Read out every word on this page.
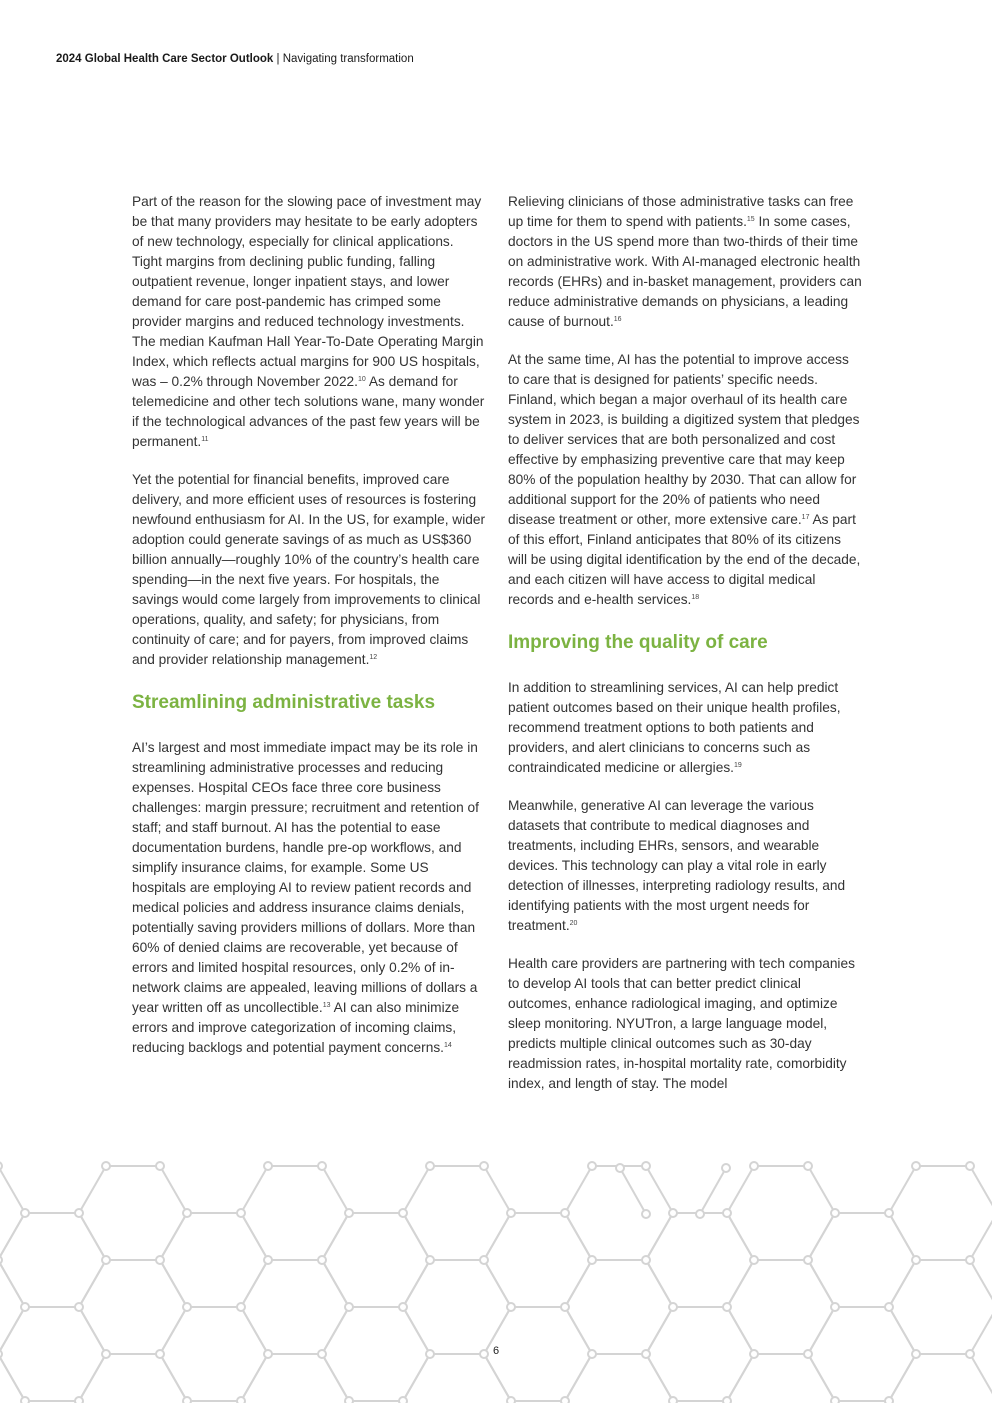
2024 Global Health Care Sector Outlook | Navigating transformation

Part of the reason for the slowing pace of investment may be that many providers may hesitate to be early adopters of new technology, especially for clinical applications. Tight margins from declining public funding, falling outpatient revenue, longer inpatient stays, and lower demand for care post-pandemic has crimped some provider margins and reduced technology investments. The median Kaufman Hall Year-To-Date Operating Margin Index, which reflects actual margins for 900 US hospitals, was – 0.2% through November 2022.10 As demand for telemedicine and other tech solutions wane, many wonder if the technological advances of the past few years will be permanent.$^{11}$

Yet the potential for financial benefits, improved care delivery, and more efficient uses of resources is fostering newfound enthusiasm for AI. In the US, for example, wider adoption could generate savings of as much as US$360 billion annually—roughly 10% of the country’s health care spending—in the next five years. For hospitals, the savings would come largely from improvements to clinical operations, quality, and safety; for physicians, from continuity of care; and for payers, from improved claims and provider relationship management.$^{12}$

Streamlining administrative tasks

AI’s largest and most immediate impact may be its role in streamlining administrative processes and reducing expenses. Hospital CEOs face three core business challenges: margin pressure; recruitment and retention of staff; and staff burnout. AI has the potential to ease documentation burdens, handle pre-op workflows, and simplify insurance claims, for example. Some US hospitals are employing AI to review patient records and medical policies and address insurance claims denials, potentially saving providers millions of dollars. More than 60% of denied claims are recoverable, yet because of errors and limited hospital resources, only 0.2% of in-network claims are appealed, leaving millions of dollars a year written off as uncollectible.$^{13}$ AI can also minimize errors and improve categorization of incoming claims, reducing backlogs and potential payment concerns.$^{14}$

Relieving clinicians of those administrative tasks can free up time for them to spend with patients.$^{15}$ In some cases, doctors in the US spend more than two-thirds of their time on administrative work. With AI-managed electronic health records (EHRs) and in-basket management, providers can reduce administrative demands on physicians, a leading cause of burnout.$^{16}$

At the same time, AI has the potential to improve access to care that is designed for patients’ specific needs. Finland, which began a major overhaul of its health care system in 2023, is building a digitized system that pledges to deliver services that are both personalized and cost effective by emphasizing preventive care that may keep 80% of the population healthy by 2030. That can allow for additional support for the 20% of patients who need disease treatment or other, more extensive care.$^{17}$ As part of this effort, Finland anticipates that 80% of its citizens will be using digital identification by the end of the decade, and each citizen will have access to digital medical records and e-health services.$^{18}$

Improving the quality of care

In addition to streamlining services, AI can help predict patient outcomes based on their unique health profiles, recommend treatment options to both patients and providers, and alert clinicians to concerns such as contraindicated medicine or allergies.$^{19}$

Meanwhile, generative AI can leverage the various datasets that contribute to medical diagnoses and treatments, including EHRs, sensors, and wearable devices. This technology can play a vital role in early detection of illnesses, interpreting radiology results, and identifying patients with the most urgent needs for treatment.$^{20}$

Health care providers are partnering with tech companies to develop AI tools that can better predict clinical outcomes, enhance radiological imaging, and optimize sleep monitoring. NYUTron, a large language model, predicts multiple clinical outcomes such as 30-day readmission rates, in-hospital mortality rate, comorbidity index, and length of stay. The model

6
